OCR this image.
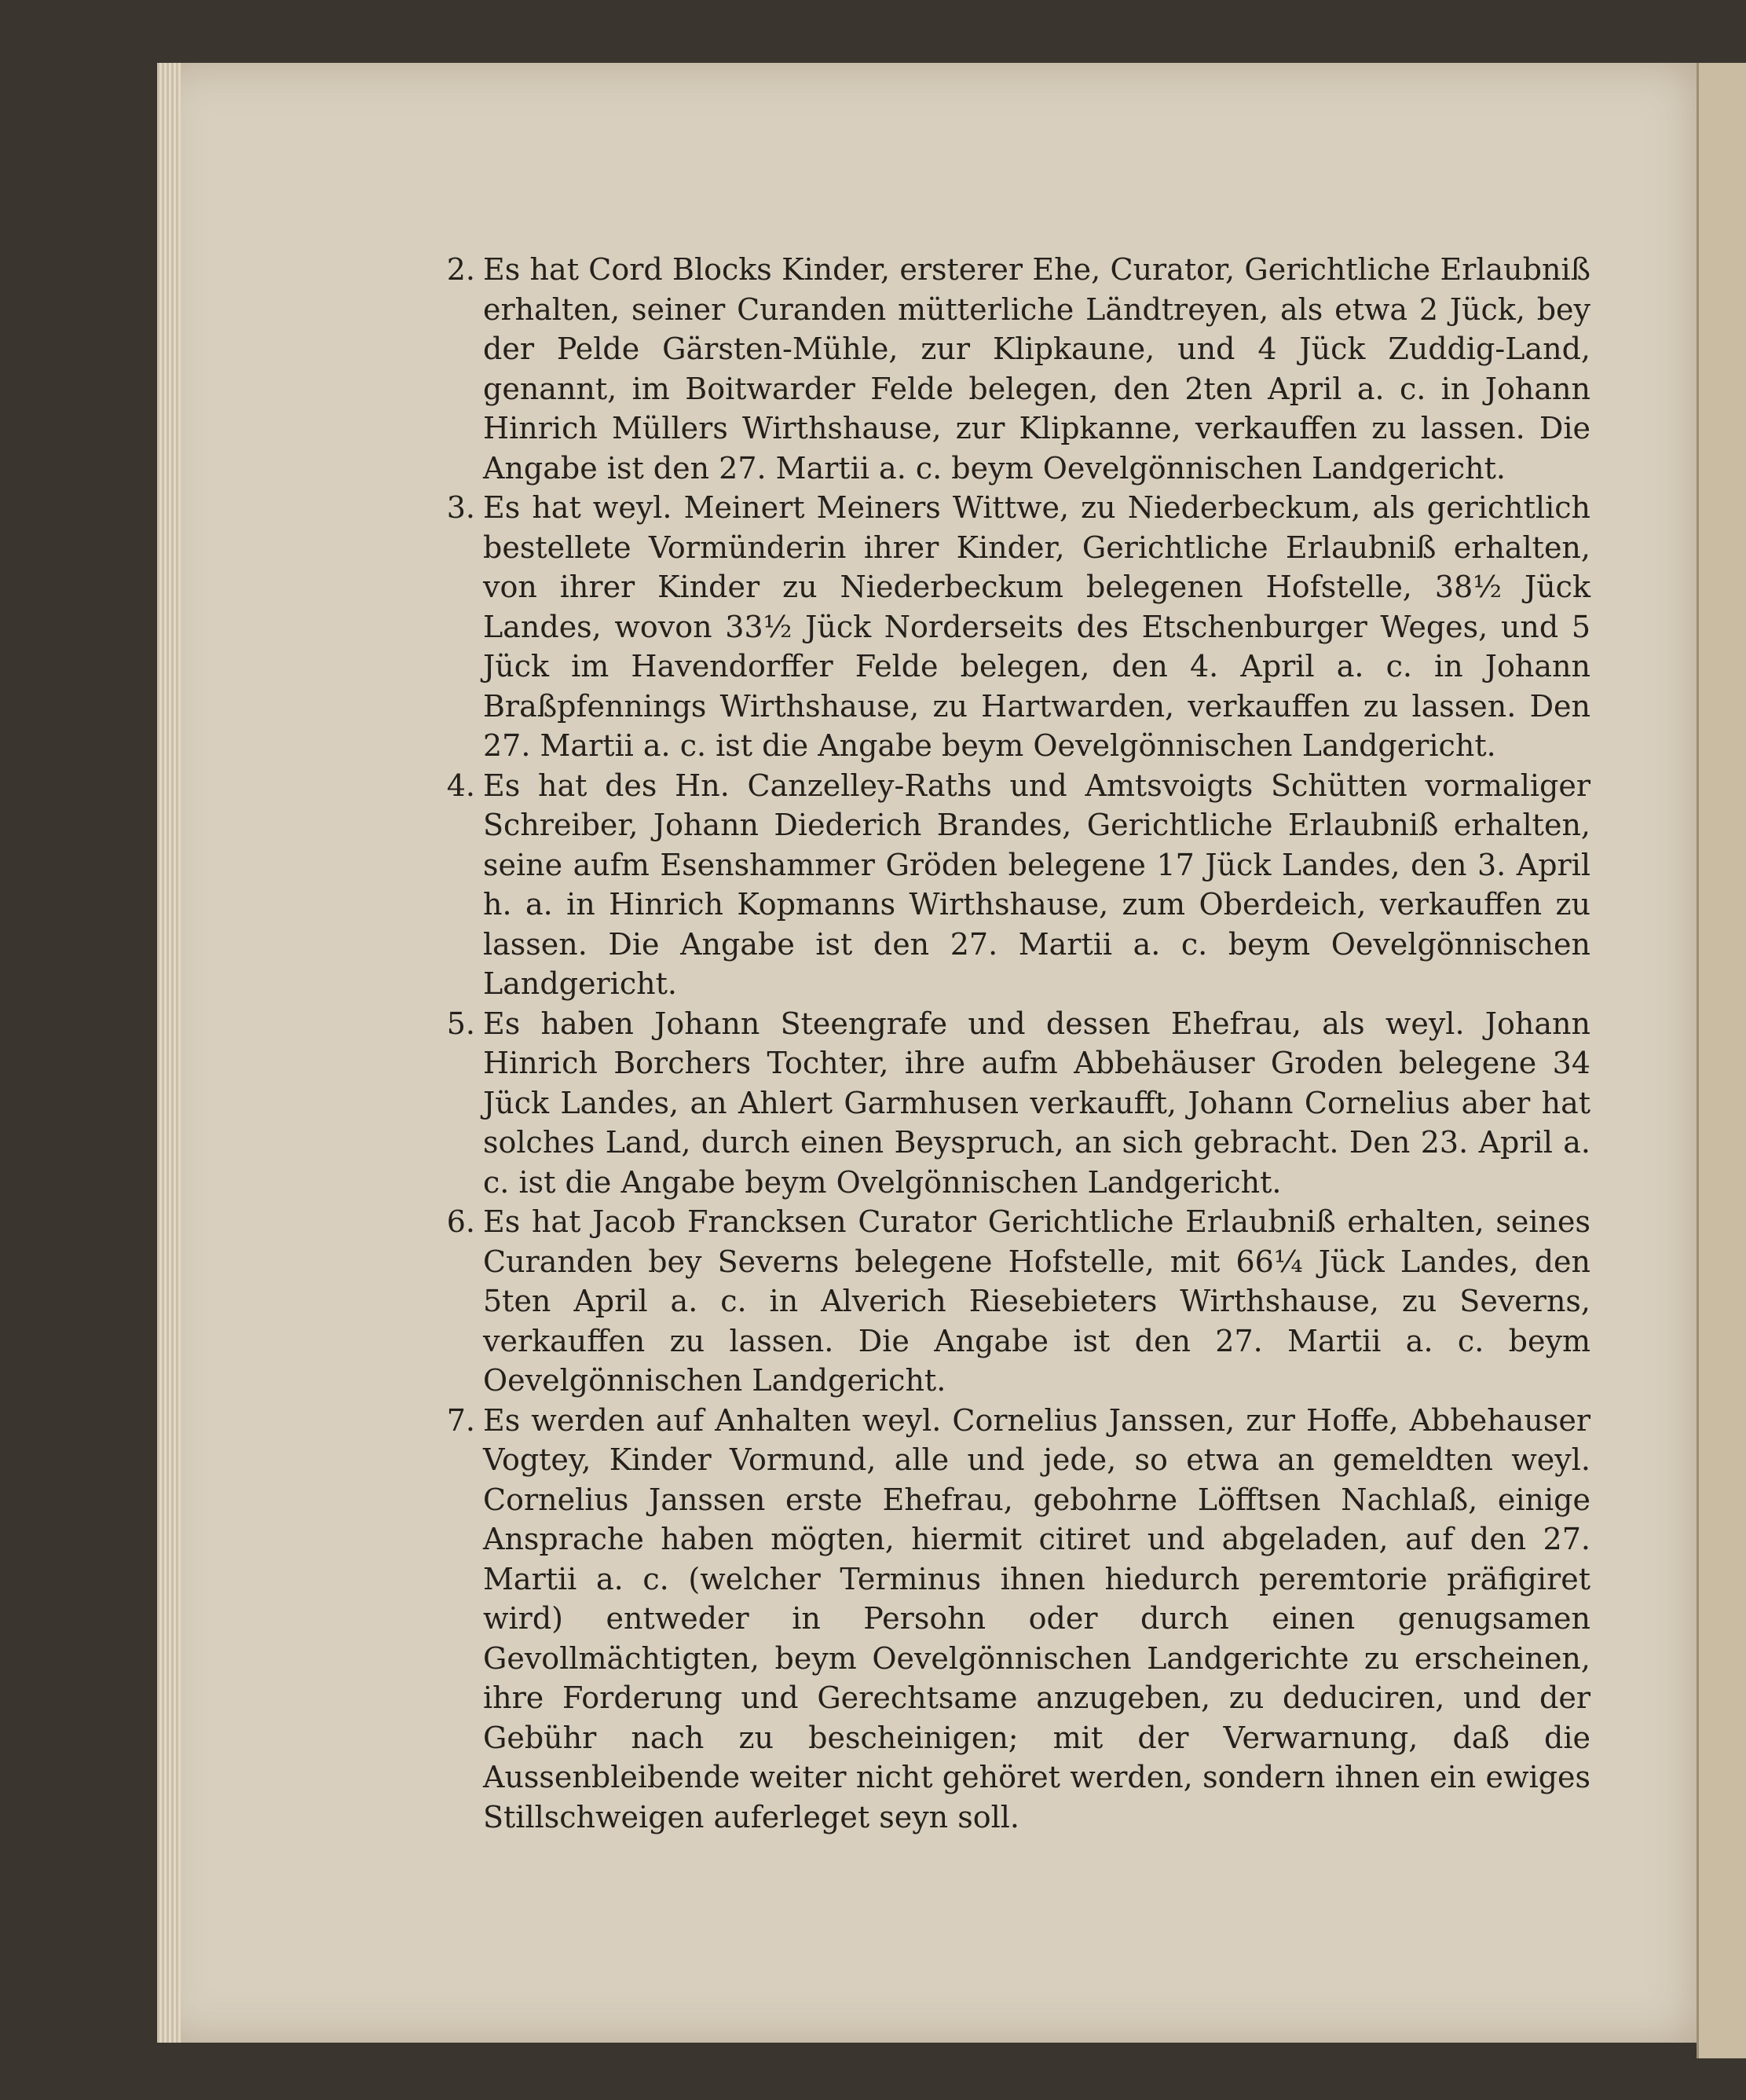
2. Es hat Cord Blocks Kinder, ersterer Ehe, Curator, Gerichtliche Erlaubniß erhalten, seiner Curanden mütterliche Ländtreyen, als etwa 2 Jück, bey der Pelde Gärsten-Mühle, zur Klipkaune, und 4 Jück Zuddig-Land, genannt, im Boitwarder Felde belegen, den 2ten April a. c. in Johann Hinrich Müllers Wirthshause, zur Klipkanne, verkauffen zu lassen. Die Angabe ist den 27. Martii a. c. beym Oevelgönnischen Landgericht.

3. Es hat weyl. Meinert Meiners Wittwe, zu Niederbeckum, als gerichtlich bestellete Vormünderin ihrer Kinder, Gerichtliche Erlaubniß erhalten, von ihrer Kinder zu Niederbeckum belegenen Hofstelle, 38½ Jück Landes, wovon 33½ Jück Norderseits des Etschenburger Weges, und 5 Jück im Havendorffer Felde belegen, den 4. April a. c. in Johann Braßpfennings Wirthshause, zu Hartwarden, verkauffen zu lassen. Den 27. Martii a. c. ist die Angabe beym Oevelgönnischen Landgericht.

4. Es hat des Hn. Canzelley-Raths und Amtsvoigts Schütten vormaliger Schreiber, Johann Diederich Brandes, Gerichtliche Erlaubniß erhalten, seine aufm Esenshammer Gröden belegene 17 Jück Landes, den 3. April h. a. in Hinrich Kopmanns Wirthshause, zum Oberdeich, verkauffen zu lassen. Die Angabe ist den 27. Martii a. c. beym Oevelgönnischen Landgericht.

5. Es haben Johann Steengrafe und dessen Ehefrau, als weyl. Johann Hinrich Borchers Tochter, ihre aufm Abbehäuser Groden belegene 34 Jück Landes, an Ahlert Garmhusen verkaufft, Johann Cornelius aber hat solches Land, durch einen Beyspruch, an sich gebracht. Den 23. April a. c. ist die Angabe beym Ovelgönnischen Landgericht.

6. Es hat Jacob Francksen Curator Gerichtliche Erlaubniß erhalten, seines Curanden bey Severns belegene Hofstelle, mit 66¼ Jück Landes, den 5ten April a. c. in Alverich Riesebieters Wirthshause, zu Severns, verkauffen zu lassen. Die Angabe ist den 27. Martii a. c. beym Oevelgönnischen Landgericht.

7. Es werden auf Anhalten weyl. Cornelius Janssen, zur Hoffe, Abbehauser Vogtey, Kinder Vormund, alle und jede, so etwa an gemeldten weyl. Cornelius Janssen erste Ehefrau, gebohrne Löfftsen Nachlaß, einige Ansprache haben mögten, hiermit citiret und abgeladen, auf den 27. Martii a. c. (welcher Terminus ihnen hiedurch peremtorie präfigiret wird) entweder in Persohn oder durch einen genugsamen Gevollmächtigten, beym Oevelgönnischen Landgerichte zu erscheinen, ihre Forderung und Gerechtsame anzugeben, zu deduciren, und der Gebühr nach zu bescheinigen; mit der Verwarnung, daß die Aussenbleibende weiter nicht gehöret werden, sondern ihnen ein ewiges Stillschweigen auferleget seyn soll.
